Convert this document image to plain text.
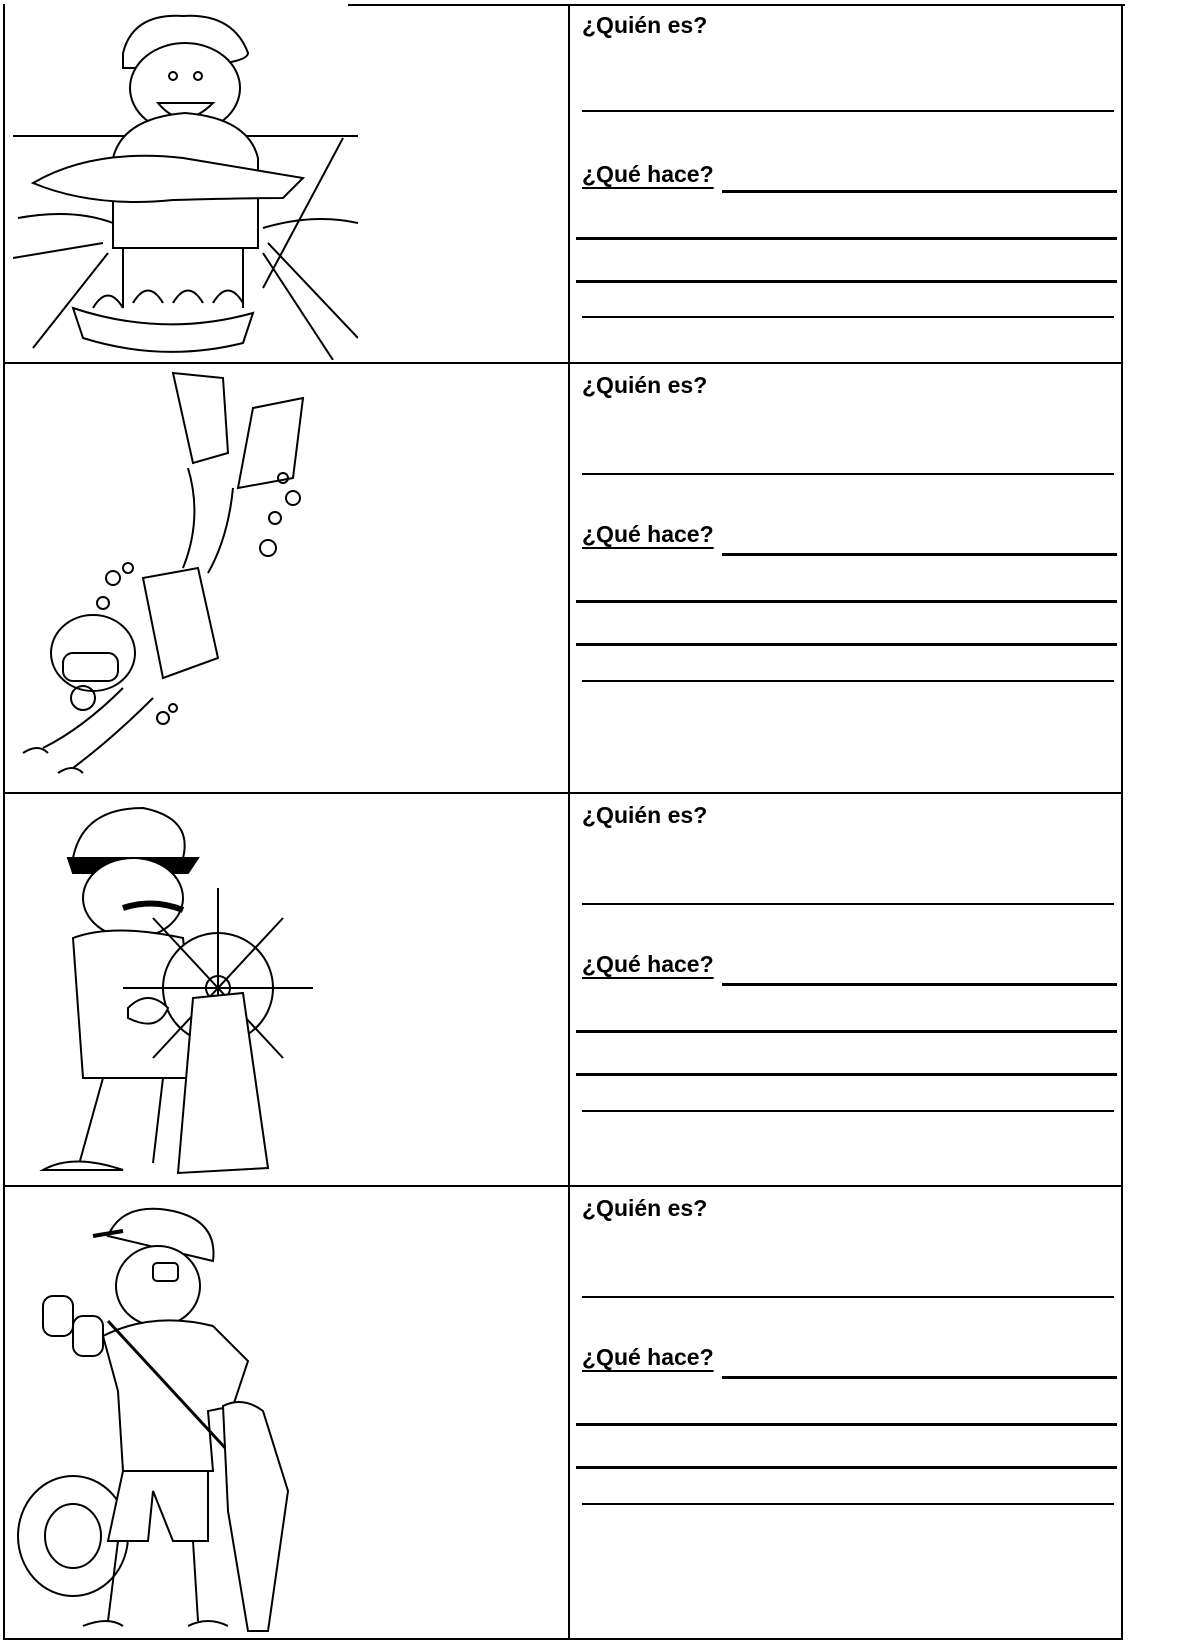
¿Quién es?
¿Qué hace?
¿Quién es?
¿Qué hace?
¿Quién es?
¿Qué hace?
¿Quién es?
¿Qué hace?
